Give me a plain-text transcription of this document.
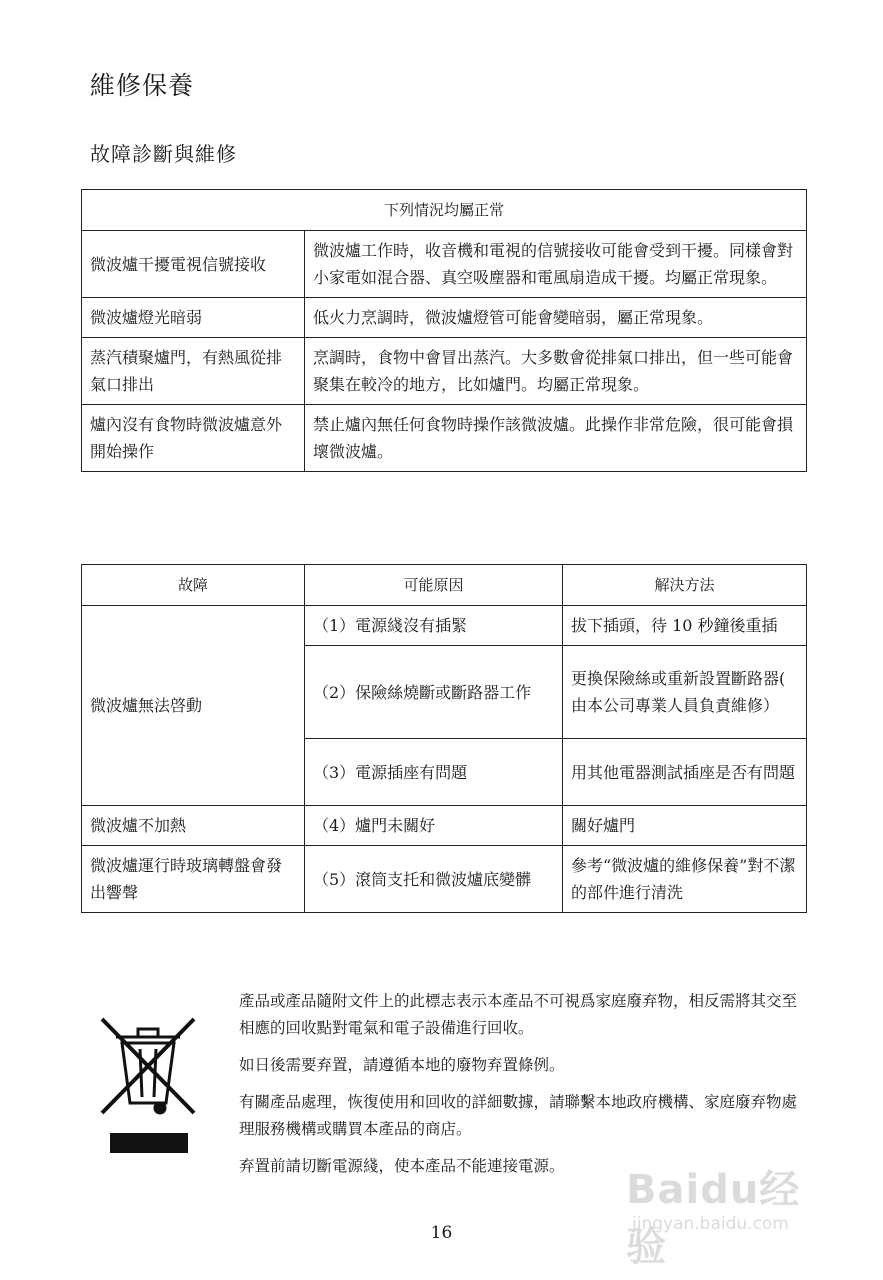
維修保養
故障診斷與維修
下列情況均屬正常	
微波爐干擾電視信號接收	微波爐工作時，收音機和電視的信號接收可能會受到干擾。同樣會對小家電如混合器、真空吸塵器和電風扇造成干擾。均屬正常現象。
微波爐燈光暗弱	低火力烹調時，微波爐燈管可能會變暗弱，屬正常現象。
蒸汽積聚爐門，有熱風從排氣口排出	烹調時，食物中會冒出蒸汽。大多數會從排氣口排出，但一些可能會聚集在較冷的地方，比如爐門。均屬正常現象。
爐內沒有食物時微波爐意外開始操作	禁止爐內無任何食物時操作該微波爐。此操作非常危險，很可能會損壞微波爐。
故障	可能原因	解決方法
微波爐無法啓動	（1）電源綫沒有插緊	拔下插頭，待 10 秒鐘後重插
	（2）保險絲燒斷或斷路器工作	更換保險絲或重新設置斷路器( 由本公司專業人員負責維修）
	（3）電源插座有問題	用其他電器測試插座是否有問題
微波爐不加熱	（4）爐門未關好	關好爐門
微波爐運行時玻璃轉盤會發出響聲	（5）滾筒支托和微波爐底變髒	參考“微波爐的維修保養”對不潔的部件進行清洗

產品或產品隨附文件上的此標志表示本產品不可視爲家庭廢弃物，相反需將其交至相應的回收點對電氣和電子設備進行回收。

如日後需要弃置，請遵循本地的廢物弃置條例。

有關產品處理，恢復使用和回收的詳細數據，請聯繫本地政府機構、家庭廢弃物處理服務機構或購買本產品的商店。

弃置前請切斷電源綫，使本產品不能連接電源。

16
Baidu经验
jingyan.baidu.com
